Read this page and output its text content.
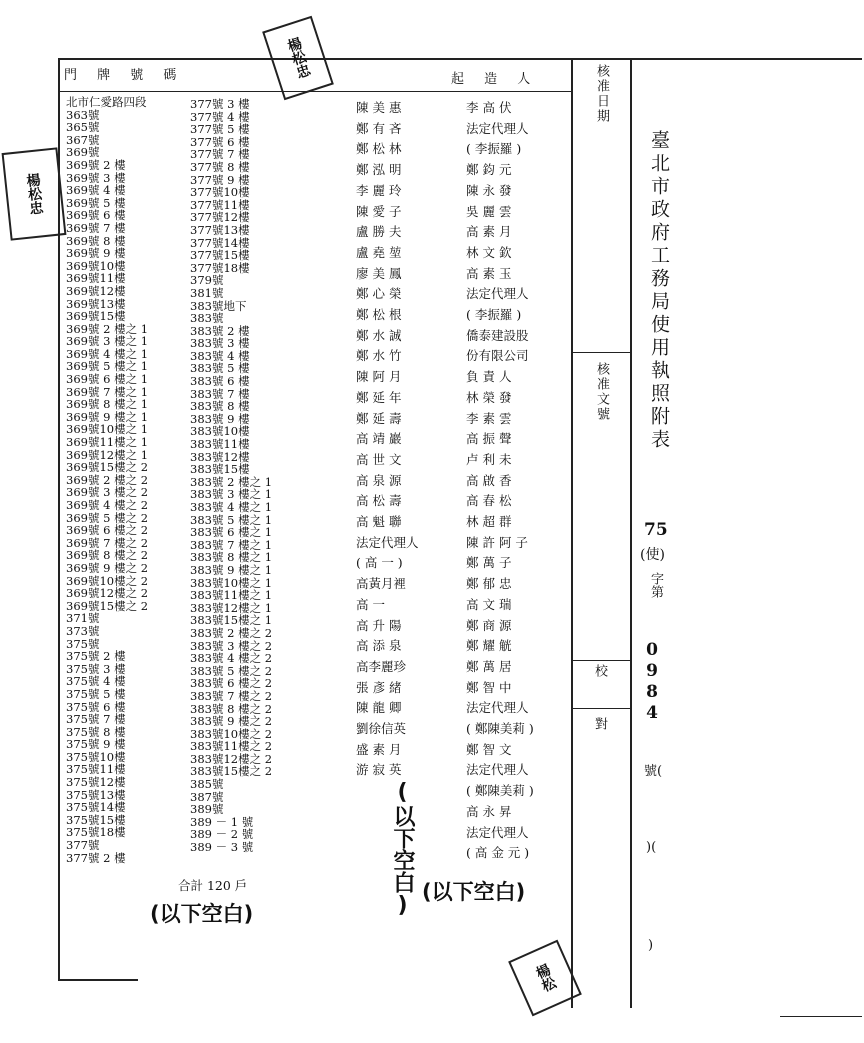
門 牌 號 碼	起 造 人	核准日期
核准文號
校對
臺北市政府工務局使用執照附表
75
(使)
字第
0984
號(
)(
)
北市仁愛路四段
363號
365號
367號
369號
369號 2 樓
369號 3 樓
369號 4 樓
369號 5 樓
369號 6 樓
369號 7 樓
369號 8 樓
369號 9 樓
369號10樓
369號11樓
369號12樓
369號13樓
369號15樓
369號 2 樓之 1
369號 3 樓之 1
369號 4 樓之 1
369號 5 樓之 1
369號 6 樓之 1
369號 7 樓之 1
369號 8 樓之 1
369號 9 樓之 1
369號10樓之 1
369號11樓之 1
369號12樓之 1
369號15樓之 2
369號 2 樓之 2
369號 3 樓之 2
369號 4 樓之 2
369號 5 樓之 2
369號 6 樓之 2
369號 7 樓之 2
369號 8 樓之 2
369號 9 樓之 2
369號10樓之 2
369號12樓之 2
369號15樓之 2
371號
373號
375號
375號 2 樓
375號 3 樓
375號 4 樓
375號 5 樓
375號 6 樓
375號 7 樓
375號 8 樓
375號 9 樓
375號10樓
375號11樓
375號12樓
375號13樓
375號14樓
375號15樓
375號18樓
377號
377號 2 樓
377號 3 樓
377號 4 樓
377號 5 樓
377號 6 樓
377號 7 樓
377號 8 樓
377號 9 樓
377號10樓
377號11樓
377號12樓
377號13樓
377號14樓
377號15樓
377號18樓
379號
381號
383號地下
383號
383號 2 樓
383號 3 樓
383號 4 樓
383號 5 樓
383號 6 樓
383號 7 樓
383號 8 樓
383號 9 樓
383號10樓
383號11樓
383號12樓
383號15樓
383號 2 樓之 1
383號 3 樓之 1
383號 4 樓之 1
383號 5 樓之 1
383號 6 樓之 1
383號 7 樓之 1
383號 8 樓之 1
383號 9 樓之 1
383號10樓之 1
383號11樓之 1
383號12樓之 1
383號15樓之 1
383號 2 樓之 2
383號 3 樓之 2
383號 4 樓之 2
383號 5 樓之 2
383號 6 樓之 2
383號 7 樓之 2
383號 8 樓之 2
383號 9 樓之 2
383號10樓之 2
383號11樓之 2
383號12樓之 2
383號15樓之 2
385號
387號
389號
389 － 1 號
389 － 2 號
389 － 3 號
合計 120 戶
(以下空白)	(以下空白) (以下空白)
陳 美 惠	李 高 伏
鄭 有 吝	法定代理人
鄭 松 林	( 李振羅 )
鄭 泓 明	鄭 鈞 元
李 麗 玲	陳 永 發
陳 愛 子	吳 麗 雲
盧 勝 夫	高 素 月
盧 堯 堃	林 文 欽
廖 美 鳳	高 素 玉
鄭 心 榮	法定代理人
鄭 松 根	( 李振羅 )
鄭 水 誠	僑泰建設股
鄭 水 竹	份有限公司
陳 阿 月	負 責 人
鄭 延 年	林 榮 發
鄭 延 壽	李 素 雲
高 靖 巖	高 振 聲
高 世 文	卢 利 未
高 泉 源	高 啟 香
高 松 壽	高 春 松
高 魁 聯	林 超 群
法定代理人	陳 許 阿 子
( 高 一 )	鄭 萬 子
高黃月裡	鄭 郁 忠
高 一	高 文 瑞
高 升 陽	鄭 商 源
高 添 泉	鄭 耀 觥
高李麗珍	鄭 萬 居
張 彥 緒	鄭 智 中
陳 龍 卿	法定代理人
劉徐信英	( 鄭陳美莉 )
盛 素 月	鄭 智 文
游 寂 英	法定代理人
( 鄭陳美莉 )
高 永 昇
法定代理人
( 高 金 元 )
楊松忠
楊松忠
楊松
